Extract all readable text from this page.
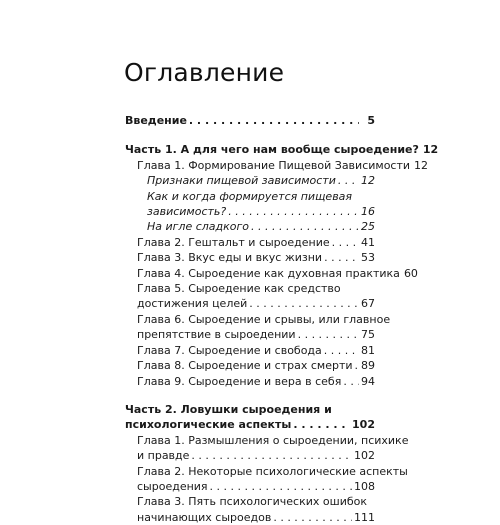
Оглавление
Введение . . .	5
Часть 1. А для чего нам вообще сыроедение? 12
Глава 1. Формирование Пищевой Зависимости 12
Признаки пищевой зависимости . . . 12
Как и когда формируется пищевая
зависимость? . . .	16
На игле сладкого . . .	25
Глава 2. Гештальт и сыроедение . . .	41
Глава 3. Вкус еды и вкус жизни . . .	53
Глава 4. Сыроедение как духовная практика 60
Глава 5. Сыроедение как средство
достижения целей . . .	67
Глава 6. Сыроедение и срывы, или главное
препятствие в сыроедении . . .	75
Глава 7. Сыроедение и свобода . . .	81
Глава 8. Сыроедение и страх смерти . . . 89
Глава 9. Сыроедение и вера в себя . . . 94
Часть 2. Ловушки сыроедения и
психологические аспекты . . .	102
Глава 1. Размышления о сыроедении, психике
и правде . . .	102
Глава 2. Некоторые психологические аспекты
сыроедения . . .	108
Глава 3. Пять психологических ошибок
начинающих сыроедов . . .	111
